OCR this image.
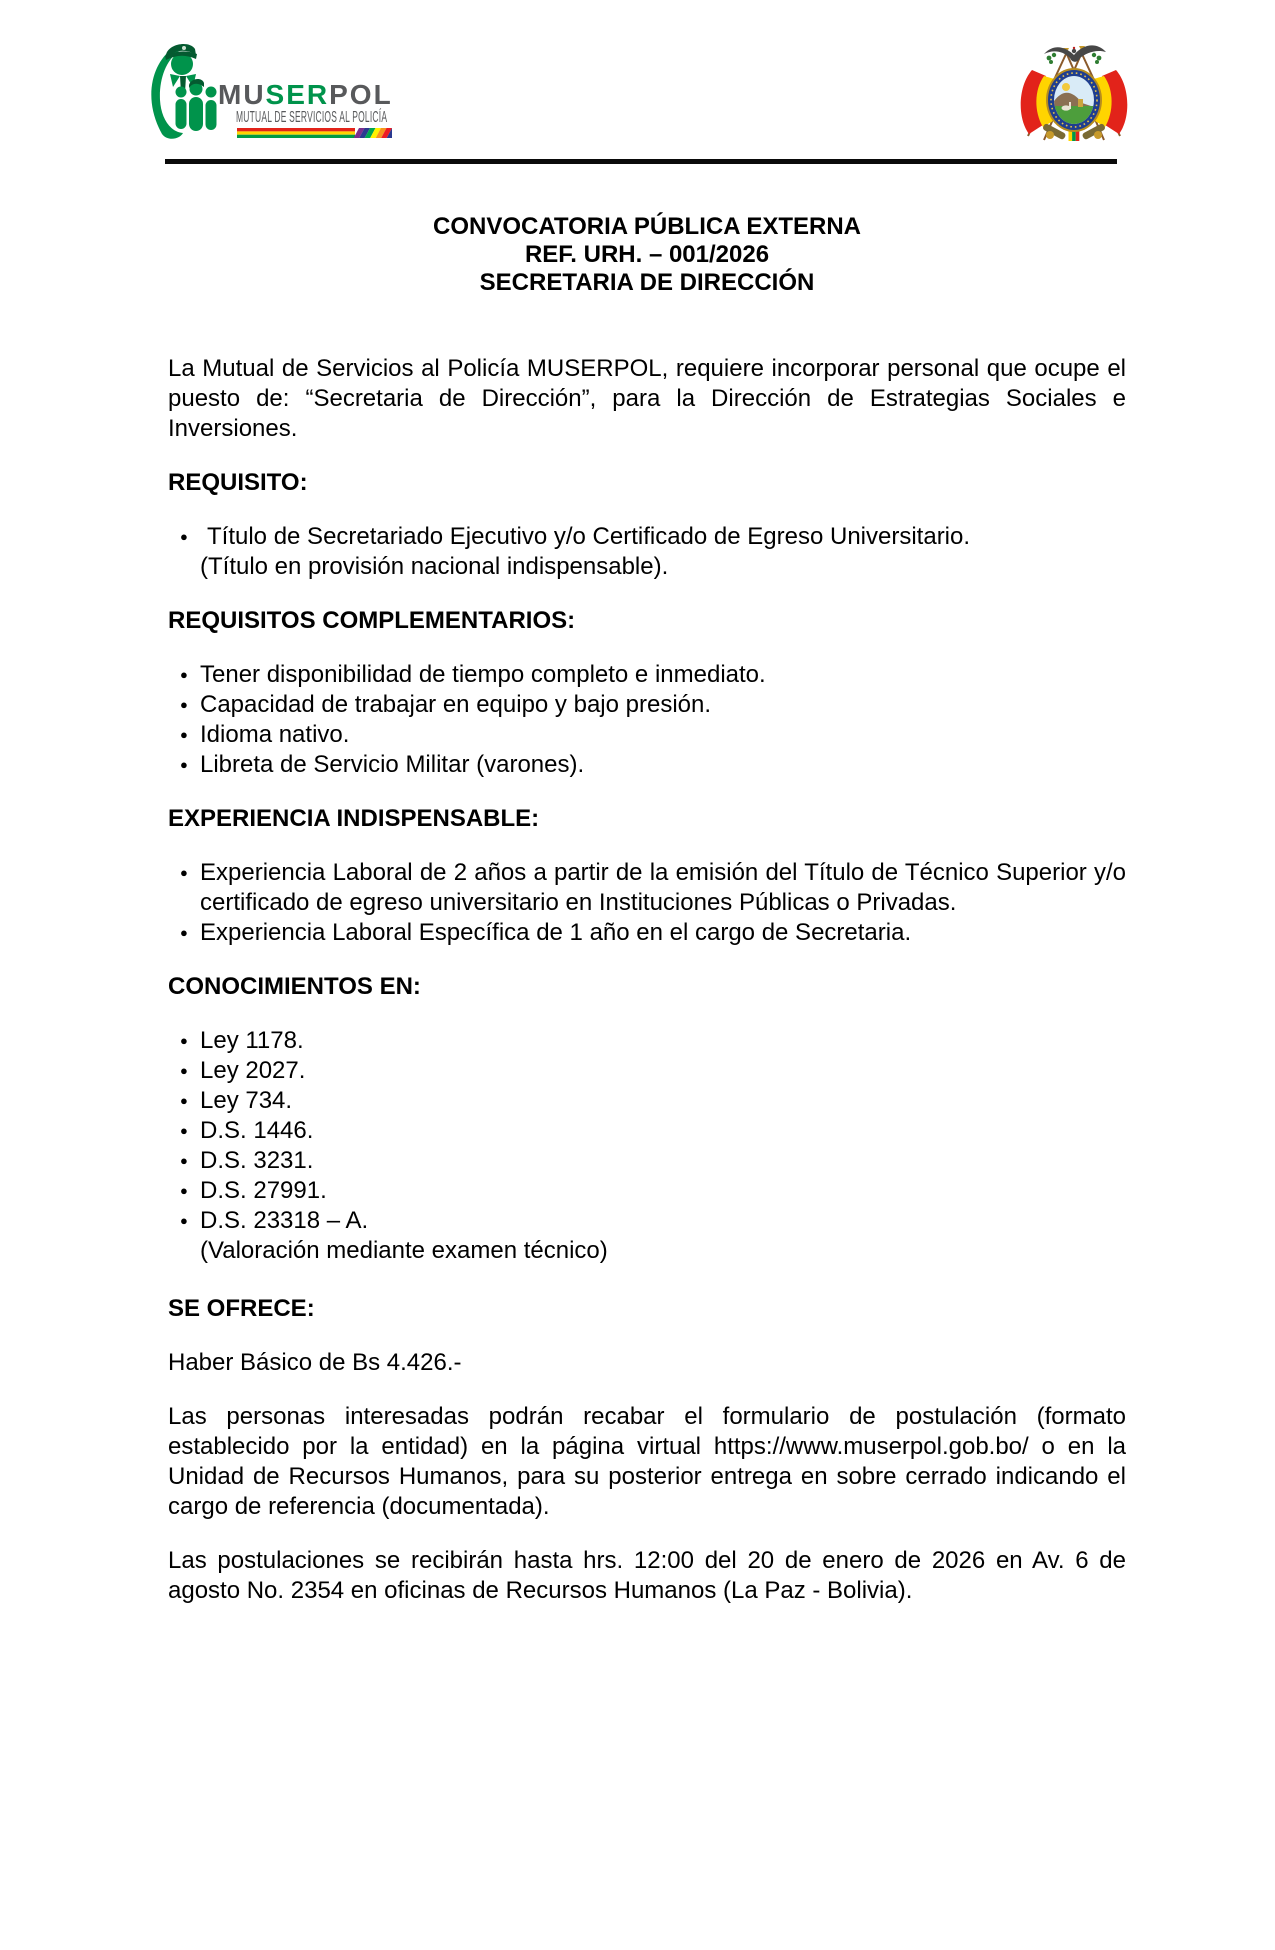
MUSERPOL
MUTUAL DE SERVICIOS AL POLICÍA
CONVOCATORIA PÚBLICA EXTERNA
REF. URH. – 001/2026
SECRETARIA DE DIRECCIÓN

La Mutual de Servicios al Policía MUSERPOL, requiere incorporar personal que ocupe el puesto de: “Secretaria de Dirección”, para la Dirección de Estrategias Sociales e Inversiones.

REQUISITO:
● Título de Secretariado Ejecutivo y/o Certificado de Egreso Universitario.
(Título en provisión nacional indispensable).
REQUISITOS COMPLEMENTARIOS:
● Tener disponibilidad de tiempo completo e inmediato.
● Capacidad de trabajar en equipo y bajo presión.
● Idioma nativo.
● Libreta de Servicio Militar (varones).
EXPERIENCIA INDISPENSABLE:
● Experiencia Laboral de 2 años a partir de la emisión del Título de Técnico Superior y/o certificado de egreso universitario en Instituciones Públicas o Privadas.
● Experiencia Laboral Específica de 1 año en el cargo de Secretaria.
CONOCIMIENTOS EN:
● Ley 1178.
● Ley 2027.
● Ley 734.
● D.S. 1446.
● D.S. 3231.
● D.S. 27991.
● D.S. 23318 – A.
(Valoración mediante examen técnico)
SE OFRECE:

Haber Básico de Bs 4.426.-

Las personas interesadas podrán recabar el formulario de postulación (formato establecido por la entidad) en la página virtual https://www.muserpol.gob.bo/ o en la Unidad de Recursos Humanos, para su posterior entrega en sobre cerrado indicando el cargo de referencia (documentada).

Las postulaciones se recibirán hasta hrs. 12:00 del 20 de enero de 2026 en Av. 6 de agosto No. 2354 en oficinas de Recursos Humanos (La Paz - Bolivia).
